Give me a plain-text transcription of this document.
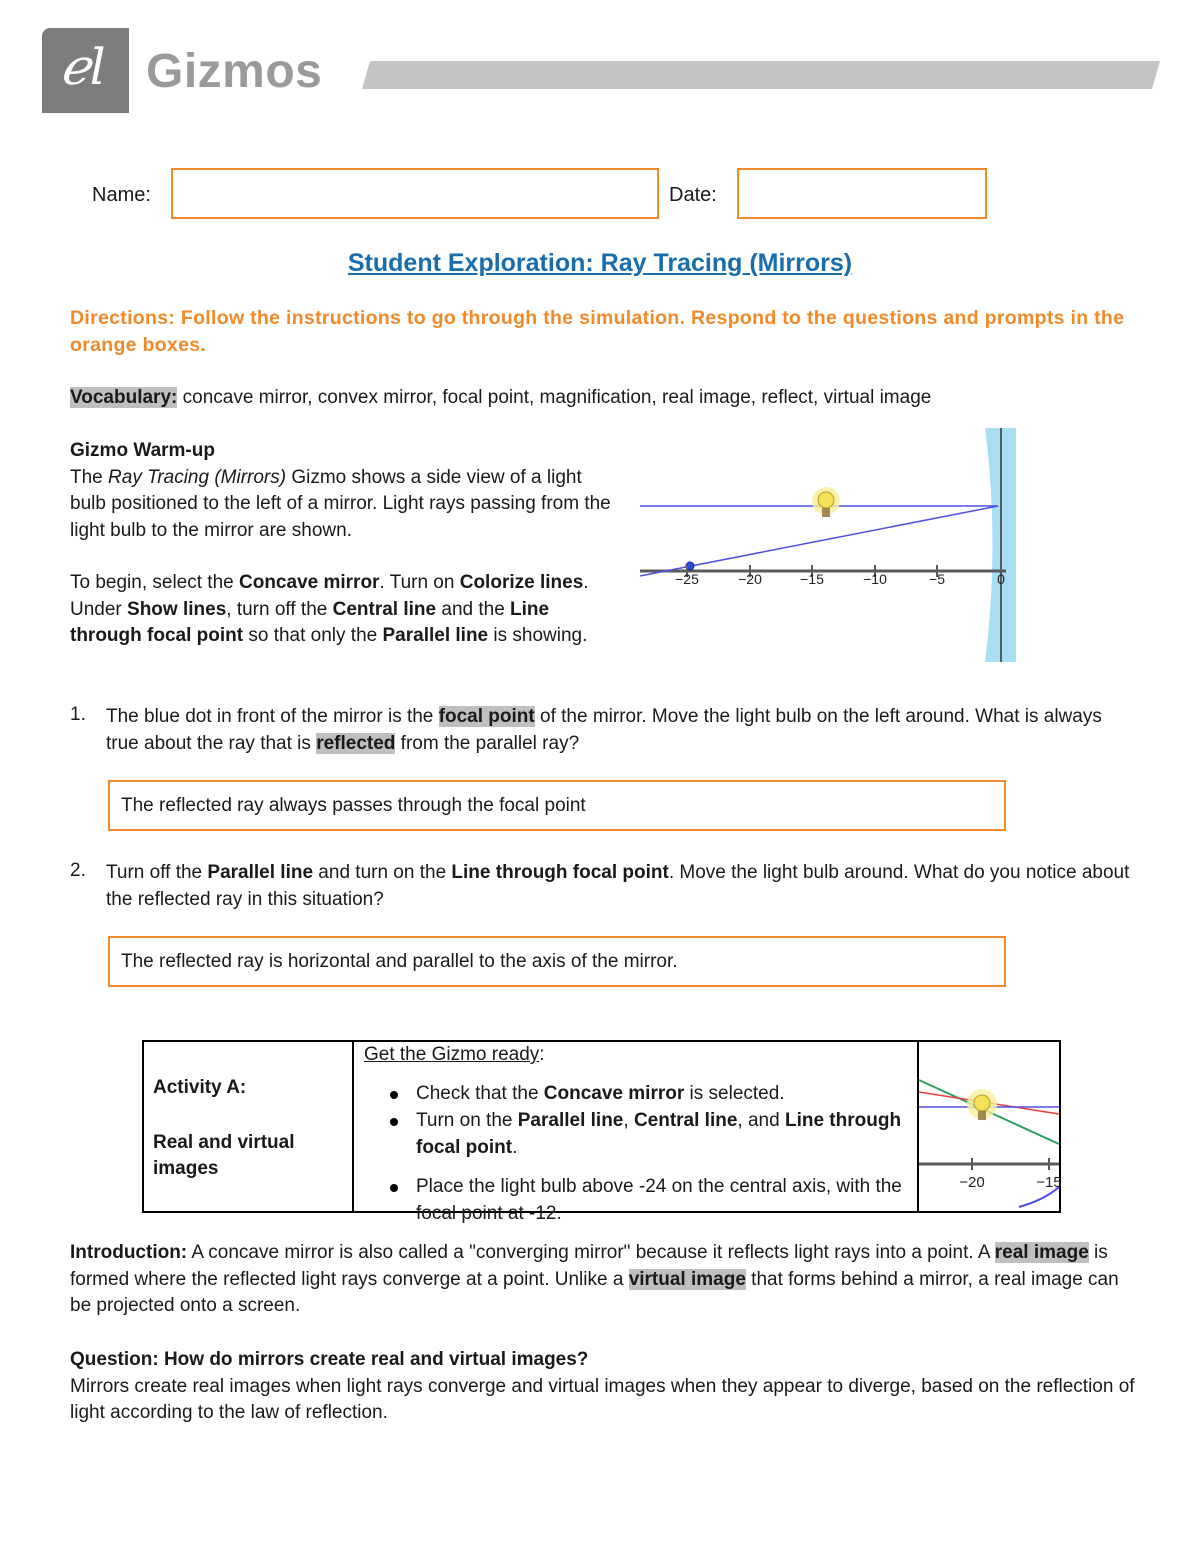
ℯl Gizmos
Name:	Date:
Student Exploration: Ray Tracing (Mirrors)
Directions: Follow the instructions to go through the simulation. Respond to the questions and prompts in the orange boxes.
Vocabulary: concave mirror, convex mirror, focal point, magnification, real image, reflect, virtual image
Gizmo Warm-up
The Ray Tracing (Mirrors) Gizmo shows a side view of a light bulb positioned to the left of a mirror. Light rays passing from the light bulb to the mirror are shown.
To begin, select the Concave mirror. Turn on Colorize lines. Under Show lines, turn off the Central line and the Line through focal point so that only the Parallel line is showing.
−25	−20	−15	−10	−5	0
1. The blue dot in front of the mirror is the focal point of the mirror. Move the light bulb on the left around. What is always true about the ray that is reflected from the parallel ray?
The reflected ray always passes through the focal point
2. Turn off the Parallel line and turn on the Line through focal point. Move the light bulb around. What do you notice about the reflected ray in this situation?
The reflected ray is horizontal and parallel to the axis of the mirror.
Activity A:
Real and virtual images
Get the Gizmo ready:
Check that the Concave mirror is selected.
Turn on the Parallel line, Central line, and Line through focal point.
Place the light bulb above -24 on the central axis, with the focal point at -12.
−20	−15
Introduction: A concave mirror is also called a "converging mirror" because it reflects light rays into a point. A real image is formed where the reflected light rays converge at a point. Unlike a virtual image that forms behind a mirror, a real image can be projected onto a screen.
Question: How do mirrors create real and virtual images?
Mirrors create real images when light rays converge and virtual images when they appear to diverge, based on the reflection of light according to the law of reflection.
